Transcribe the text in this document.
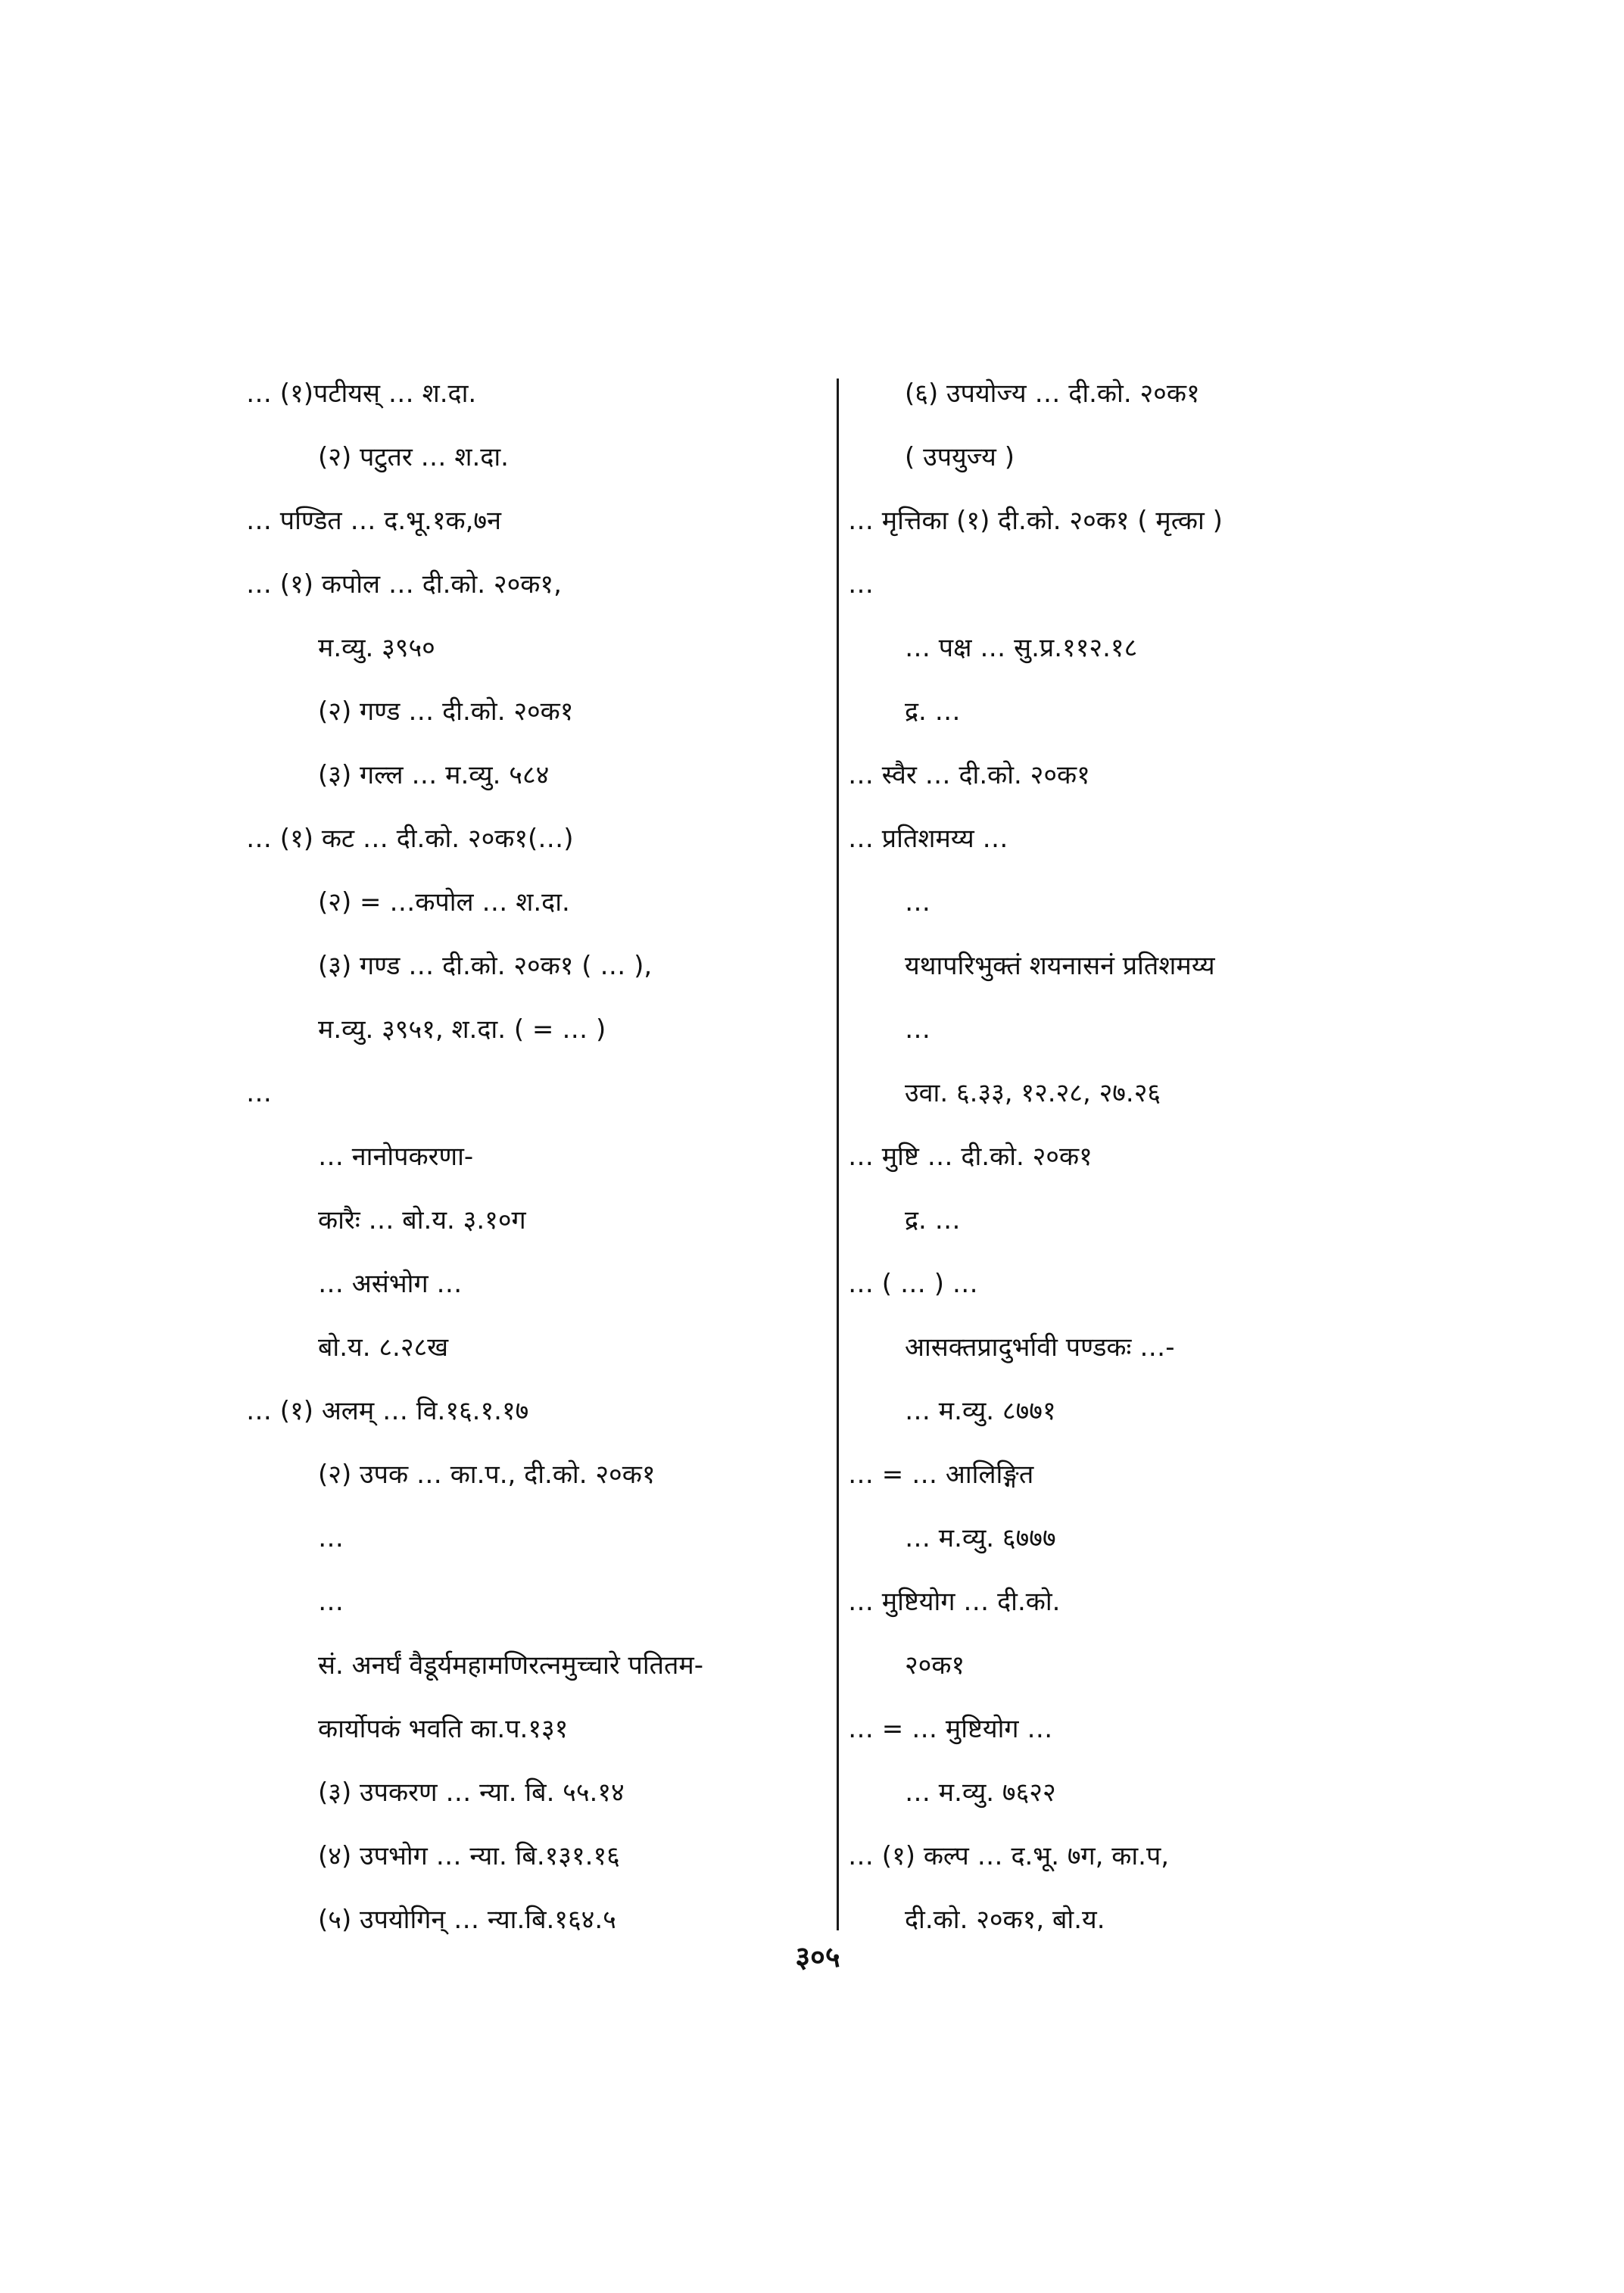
… (१)पटीयस् … श.दा.
(२) पटुतर … श.दा.
… पण्डित … द.भू.१क,७न
… (१) कपोल … दी.को. २०क१,
म.व्यु. ३९५०
(२) गण्ड … दी.को. २०क१
(३) गल्ल … म.व्यु. ५८४
… (१) कट … दी.को. २०क१(…)
(२) = …कपोल … श.दा.
(३) गण्ड … दी.को. २०क१ ( … ),
म.व्यु. ३९५१, श.दा. ( = … )
…
… नानोपकरणा-
कारैः … बो.य. ३.१०ग
… असंभोग …
बो.य. ८.२८ख
… (१) अलम् … वि.१६.१.१७
(२) उपक … का.प., दी.को. २०क१
…
…
सं. अनर्घं वैडूर्यमहामणिरत्नमुच्चारे पतितम-
कार्योपकं भवति का.प.१३१
(३) उपकरण … न्या. बि. ५५.१४
(४) उपभोग … न्या. बि.१३१.१६
(५) उपयोगिन् … न्या.बि.१६४.५
(६) उपयोज्य … दी.को. २०क१
( उपयुज्य )
… मृत्तिका (१) दी.को. २०क१ ( मृत्का )
…
… पक्ष … सु.प्र.११२.१८
द्र. …
… स्वैर … दी.को. २०क१
… प्रतिशमय्य …
…
यथापरिभुक्तं शयनासनं प्रतिशमय्य
…
उवा. ६.३३, १२.२८, २७.२६
… मुष्टि … दी.को. २०क१
द्र. …
… ( … ) …
आसक्तप्रादुर्भावी पण्डकः …-
… म.व्यु. ८७७१
… = … आलिङ्गित
… म.व्यु. ६७७७
… मुष्टियोग … दी.को.
२०क१
… = … मुष्टियोग …
… म.व्यु. ७६२२
… (१) कल्प … द.भू. ७ग, का.प,
दी.को. २०क१, बो.य.
३०५
